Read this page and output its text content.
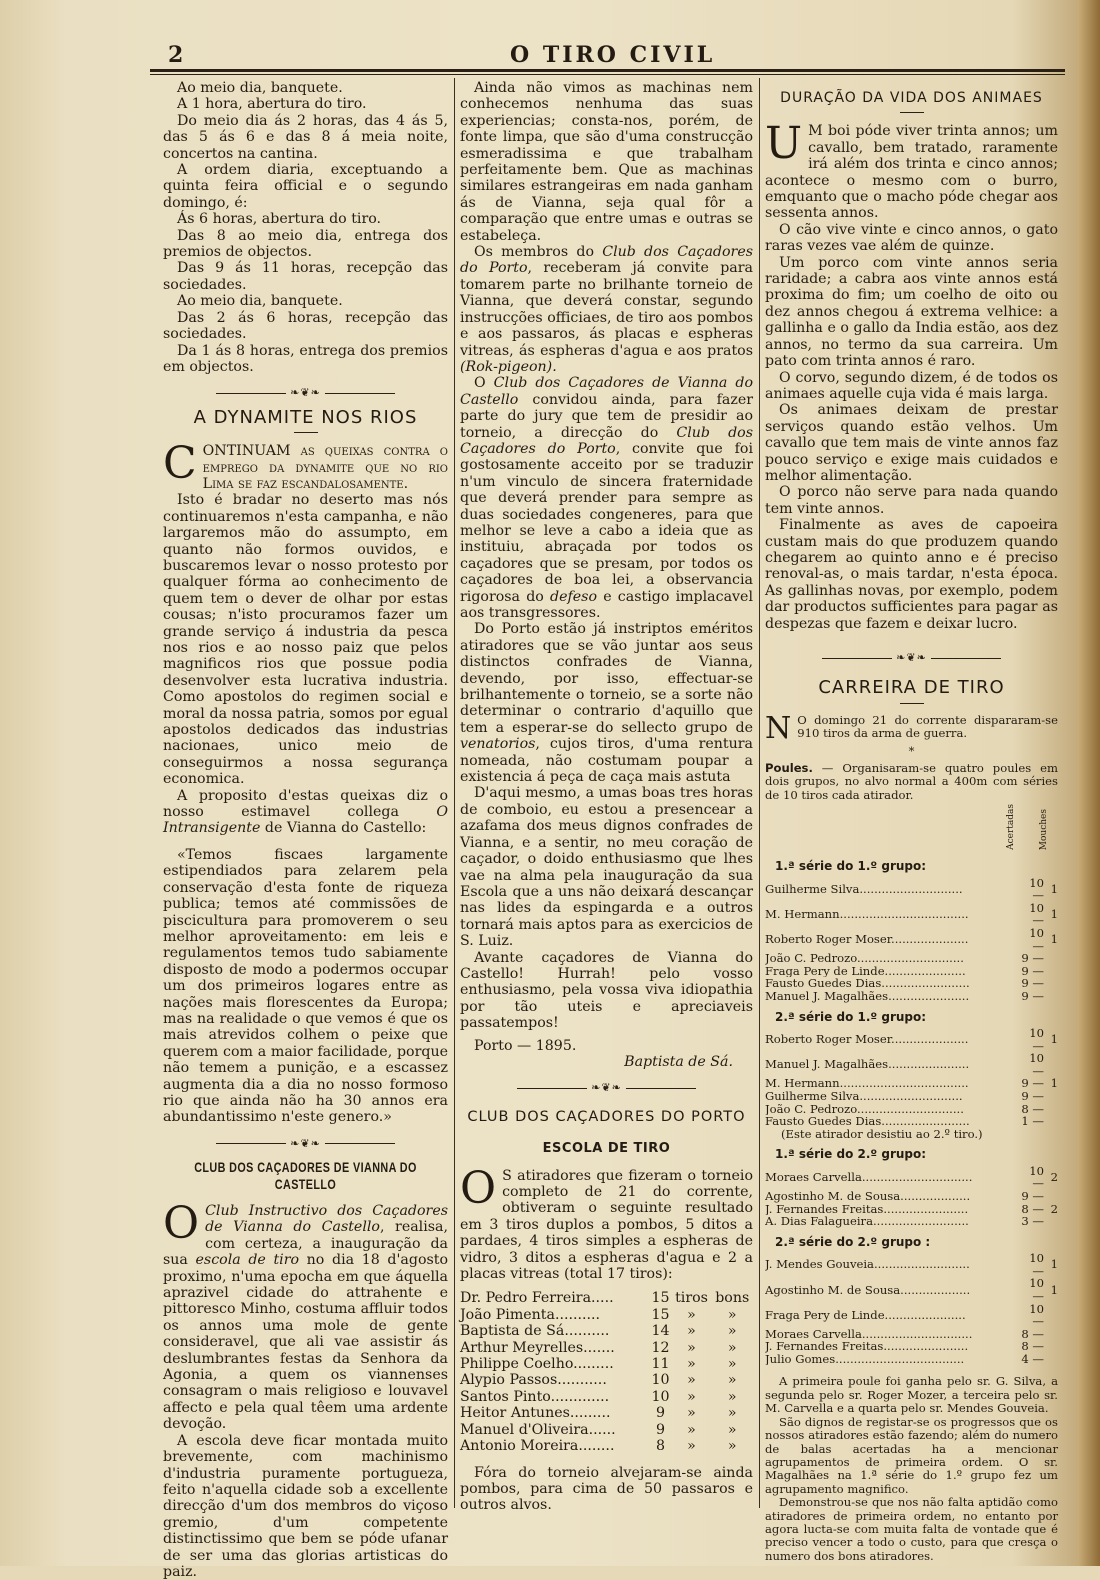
2	O TIRO CIVIL

Ao meio dia, banquete.

A 1 hora, abertura do tiro.

Do meio dia ás 2 horas, das 4 ás 5, das 5 ás 6 e das 8 á meia noite, concertos na cantina.

A ordem diaria, exceptuando a quinta feira official e o segundo domingo, é:

Ás 6 horas, abertura do tiro.

Das 8 ao meio dia, entrega dos premios de objectos.

Das 9 ás 11 horas, recepção das sociedades.

Ao meio dia, banquete.

Das 2 ás 6 horas, recepção das sociedades.

Da 1 ás 8 horas, entrega dos premios em objectos.

❧❦❧
A DYNAMITE NOS RIOS

CONTINUAM as queixas contra o emprego da dynamite que no rio Lima se faz escandalosamente.

Isto é bradar no deserto mas nós continuaremos n'esta campanha, e não largaremos mão do assumpto, em quanto não formos ouvidos, e buscaremos levar o nosso protesto por qualquer fórma ao conhecimento de quem tem o dever de olhar por estas cousas; n'isto procuramos fazer um grande serviço á industria da pesca nos rios e ao nosso paiz que pelos magnificos rios que possue podia desenvolver esta lucrativa industria. Como apostolos do regimen social e moral da nossa patria, somos por egual apostolos dedicados das industrias nacionaes, unico meio de conseguirmos a nossa segurança economica.

A proposito d'estas queixas diz o nosso estimavel collega O Intransigente de Vianna do Castello:

«Temos fiscaes largamente estipendiados para zelarem pela conservação d'esta fonte de riqueza publica; temos até commissões de piscicultura para promoverem o seu melhor aproveitamento: em leis e regulamentos temos tudo sabiamente disposto de modo a podermos occupar um dos primeiros logares entre as nações mais florescentes da Europa; mas na realidade o que vemos é que os mais atrevidos colhem o peixe que querem com a maior facilidade, porque não temem a punição, e a escassez augmenta dia a dia no nosso formoso rio que ainda não ha 30 annos era abundantissimo n'este genero.»

❧❦❧
CLUB DOS CAÇADORES DE VIANNA DO CASTELLO

O Club Instructivo dos Caçadores de Vianna do Castello, realisa, com certeza, a inauguração da sua escola de tiro no dia 18 d'agosto proximo, n'uma epocha em que áquella aprazivel cidade do attrahente e pittoresco Minho, costuma affluir todos os annos uma mole de gente consideravel, que ali vae assistir ás deslumbrantes festas da Senhora da Agonia, a quem os viannenses consagram o mais religioso e louvavel affecto e pela qual têem uma ardente devoção.

A escola deve ficar montada muito brevemente, com machinismo d'industria puramente portugueza, feito n'aquella cidade sob a excellente direcção d'um dos membros do viçoso gremio, d'um competente distinctissimo que bem se póde ufanar de ser uma das glorias artisticas do paiz.

Ainda não vimos as machinas nem conhecemos nenhuma das suas experiencias; consta-nos, porém, de fonte limpa, que são d'uma construcção esmeradissima e que trabalham perfeitamente bem. Que as machinas similares estrangeiras em nada ganham ás de Vianna, seja qual fôr a comparação que entre umas e outras se estabeleça.

Os membros do Club dos Caçadores do Porto, receberam já convite para tomarem parte no brilhante torneio de Vianna, que deverá constar, segundo instrucções officiaes, de tiro aos pombos e aos passaros, ás placas e espheras vitreas, ás espheras d'agua e aos pratos (Rok-pigeon).

O Club dos Caçadores de Vianna do Castello convidou ainda, para fazer parte do jury que tem de presidir ao torneio, a direcção do Club dos Caçadores do Porto, convite que foi gostosamente acceito por se traduzir n'um vinculo de sincera fraternidade que deverá prender para sempre as duas sociedades congeneres, para que melhor se leve a cabo a ideia que as instituiu, abraçada por todos os caçadores que se presam, por todos os caçadores de boa lei, a observancia rigorosa do defeso e castigo implacavel aos transgressores.

Do Porto estão já instriptos eméritos atiradores que se vão juntar aos seus distinctos confrades de Vianna, devendo, por isso, effectuar-se brilhantemente o torneio, se a sorte não determinar o contrario d'aquillo que tem a esperar-se do sellecto grupo de venatorios, cujos tiros, d'uma rentura nomeada, não costumam poupar a existencia á peça de caça mais astuta

D'aqui mesmo, a umas boas tres horas de comboio, eu estou a presencear a azafama dos meus dignos confrades de Vianna, e a sentir, no meu coração de caçador, o doido enthusiasmo que lhes vae na alma pela inauguração da sua Escola que a uns não deixará descançar nas lides da espingarda e a outros tornará mais aptos para as exercicios de S. Luiz.

Avante caçadores de Vianna do Castello! Hurrah! pelo vosso enthusiasmo, pela vossa viva idiopathia por tão uteis e apreciaveis passatempos!

Porto — 1895.

Baptista de Sá.
❧❦❧
CLUB DOS CAÇADORES DO PORTO
ESCOLA DE TIRO

O S atiradores que fizeram o torneio completo de 21 do corrente, obtiveram o seguinte resultado em 3 tiros duplos a pombos, 5 ditos a pardaes, 4 tiros simples a espheras de vidro, 3 ditos a espheras d'agua e 2 a placas vitreas (total 17 tiros):

Dr. Pedro Ferreira.....	15	tiros	bons
João Pimenta..........	15	»	»
Baptista de Sá..........	14	»	»
Arthur Meyrelles.......	12	»	»
Philippe Coelho.........	11	»	»
Alypio Passos...........	10	»	»
Santos Pinto.............	10	»	»
Heitor Antunes.........	9	»	»
Manuel d'Oliveira......	9	»	»
Antonio Moreira........	8	»	»

Fóra do torneio alvejaram-se ainda pombos, para cima de 50 passaros e outros alvos.

DURAÇÃO DA VIDA DOS ANIMAES

U M boi póde viver trinta annos; um cavallo, bem tratado, raramente irá além dos trinta e cinco annos; acontece o mesmo com o burro, emquanto que o macho póde chegar aos sessenta annos.

O cão vive vinte e cinco annos, o gato raras vezes vae além de quinze.

Um porco com vinte annos seria raridade; a cabra aos vinte annos está proxima do fim; um coelho de oito ou dez annos chegou á extrema velhice: a gallinha e o gallo da India estão, aos dez annos, no termo da sua carreira. Um pato com trinta annos é raro.

O corvo, segundo dizem, é de todos os animaes aquelle cuja vida é mais larga.

Os animaes deixam de prestar serviços quando estão velhos. Um cavallo que tem mais de vinte annos faz pouco serviço e exige mais cuidados e melhor alimentação.

O porco não serve para nada quando tem vinte annos.

Finalmente as aves de capoeira custam mais do que produzem quando chegarem ao quinto anno e é preciso renoval-as, o mais tardar, n'esta época. As gallinhas novas, por exemplo, podem dar productos sufficientes para pagar as despezas que fazem e deixar lucro.

❧❦❧
CARREIRA DE TIRO

N O domingo 21 do corrente dispararam-se 910 tiros da arma de guerra.

*

Poules. — Organisaram-se quatro poules em dois grupos, no alvo normal a 400m com séries de 10 tiros cada atirador.

Acertadas	Mouches
1.ª série do 1.º grupo:
Guilherme Silva............................	10 —	1
M. Hermann...................................	10 —	1
Roberto Roger Moser.....................	10 —	1
João C. Pedrozo.............................	9 —	
Fraga Pery de Linde......................	9 —	
Fausto Guedes Dias........................	9 —	
Manuel J. Magalhães......................	9 —	
2.ª série do 1.º grupo:
Roberto Roger Moser.....................	10 —	1
Manuel J. Magalhães......................	10 —	
M. Hermann...................................	9 —	1
Guilherme Silva............................	9 —	
João C. Pedrozo.............................	8 —	
Fausto Guedes Dias........................	1 —	
(Este atirador desistiu ao 2.º tiro.)		
1.ª série do 2.º grupo:
Moraes Carvella..............................	10 —	2
Agostinho M. de Sousa...................	9 —	
J. Fernandes Freitas.......................	8 —	2
A. Dias Falagueira..........................	3 —	
2.ª série do 2.º grupo :
J. Mendes Gouveia..........................	10 —	1
Agostinho M. de Sousa...................	10 —	1
Fraga Pery de Linde......................	10 —	
Moraes Carvella..............................	8 —	
J. Fernandes Freitas.......................	8 —	
Julio Gomes...................................	4 —	

A primeira poule foi ganha pelo sr. G. Silva, a segunda pelo sr. Roger Mozer, a terceira pelo sr. M. Carvella e a quarta pelo sr. Mendes Gouveia.

São dignos de registar-se os progressos que os nossos atiradores estão fazendo; além do numero de balas acertadas ha a mencionar agrupamentos de primeira ordem. O sr. Magalhães na 1.ª série do 1.º grupo fez um agrupamento magnifico.

Demonstrou-se que nos não falta aptidão como atiradores de primeira ordem, no entanto por agora lucta-se com muita falta de vontade que é preciso vencer a todo o custo, para que cresça o numero dos bons atiradores.
